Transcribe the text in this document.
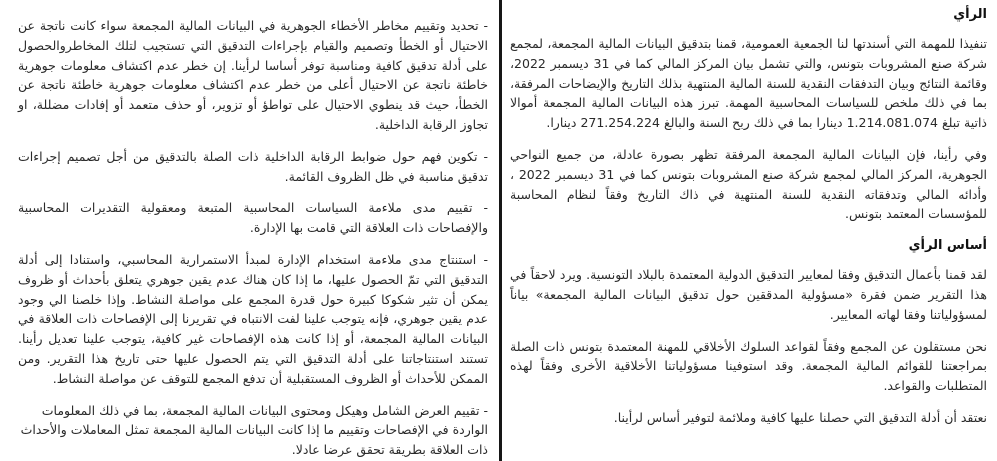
- تحديد وتقييم مخاطر الأخطاء الجوهرية في البيانات المالية المجمعة سواء كانت ناتجة عن الاحتيال أو الخطأ وتصميم والقيام بإجراءات التدقيق التي تستجيب لتلك المخاطروالحصول على أدلة تدقيق كافية ومناسبة توفر أساسا لرأينا. إن خطر عدم اكتشاف معلومات جوهرية خاطئة ناتجة عن الاحتيال أعلى من خطر عدم اكتشاف معلومات جوهرية خاطئة ناتجة عن الخطأ، حيث قد ينطوي الاحتيال على تواطؤ أو تزوير، أو حذف متعمد أو إفادات مضللة، او تجاوز الرقابة الداخلية.

- تكوين فهم حول ضوابط الرقابة الداخلية ذات الصلة بالتدقيق من أجل تصميم إجراءات تدقيق مناسبة في ظل الظروف القائمة.

- تقييم مدى ملاءمة السياسات المحاسبية المتبعة ومعقولية التقديرات المحاسبية والإفصاحات ذات العلاقة التي قامت بها الإدارة.

- استنتاج مدى ملاءمة استخدام الإدارة لمبدأ الاستمرارية المحاسبي، واستنادا إلى أدلة التدقيق التي تمّ الحصول عليها، ما إذا كان هناك عدم يقين جوهري يتعلق بأحداث أو ظروف يمكن أن تثير شكوكا كبيرة حول قدرة المجمع على مواصلة النشاط. وإذا خلصنا الي وجود عدم يقين جوهري، فإنه يتوجب علينا لفت الانتباه في تقريرنا إلى الإفصاحات ذات العلاقة في البيانات المالية المجمعة، أو إذا كانت هذه الإفصاحات غير كافية، يتوجب علينا تعديل رأينا. تستند استنتاجاتنا على أدلة التدقيق التي يتم الحصول عليها حتى تاريخ هذا التقرير. ومن الممكن للأحداث أو الظروف المستقبلية أن تدفع المجمع للتوقف عن مواصلة النشاط.

- تقييم العرض الشامل وهيكل ومحتوى البيانات المالية المجمعة، بما في ذلك المعلومات الواردة في الإفصاحات وتقييم ما إذا كانت البيانات المالية المجمعة تمثل المعاملات والأحداث ذات العلاقة بطريقة تحقق عرضا عادلا.

الرأي

تنفيذا للمهمة التي أسندتها لنا الجمعية العمومية، قمنا بتدقيق البيانات المالية المجمعة، لمجمع شركة صنع المشروبات بتونس، والتي تشمل بيان المركز المالي كما في 31 ديسمبر 2022، وقائمة النتائج وبيان التدفقات النقدية للسنة المالية المنتهية بذلك التاريخ والإيضاحات المرفقة، بما في ذلك ملخص للسياسات المحاسبية المهمة. تبرز هذه البيانات المالية المجمعة أموالا ذاتية تبلغ 1.214.081.074 دينارا بما في ذلك ربح السنة والبالغ 271.254.224 دينارا.

وفي رأينا، فإن البيانات المالية المجمعة المرفقة تظهر بصورة عادلة، من جميع النواحي الجوهرية، المركز المالي لمجمع شركة صنع المشروبات بتونس كما في 31 ديسمبر 2022 ، وأدائه المالي وتدفقاته النقدية للسنة المنتهية في ذاك التاريخ وفقاً لنظام المحاسبة للمؤسسات المعتمد بتونس.

أساس الرأي

لقد قمنا بأعمال التدقيق وفقا لمعايير التدقيق الدولية المعتمدة بالبلاد التونسية. ويرد لاحقاً في هذا التقرير ضمن فقرة «مسؤولية المدققين حول تدقيق البيانات المالية المجمعة» بياناً لمسؤولياتنا وفقا لهاته المعايير.

نحن مستقلون عن المجمع وفقاً لقواعد السلوك الأخلاقي للمهنة المعتمدة بتونس ذات الصلة بمراجعتنا للقوائم المالية المجمعة. وقد استوفينا مسؤولياتنا الأخلاقية الأخرى وفقاً لهذه المتطلبات والقواعد.

نعتقد أن أدلة التدقيق التي حصلنا عليها كافية وملائمة لتوفير أساس لرأينا.
